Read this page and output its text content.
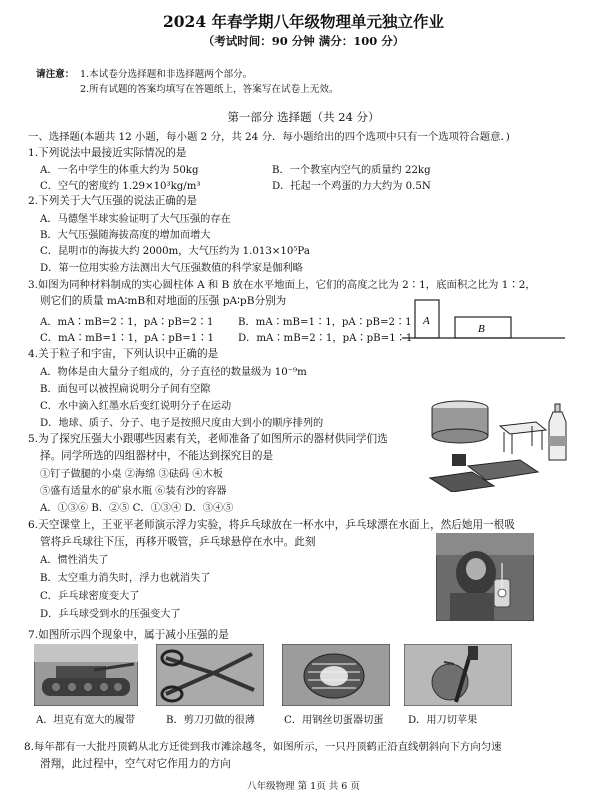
2024 年春学期八年级物理单元独立作业
（考试时间：90 分钟 满分：100 分）
请注意： 1.本试卷分选择题和非选择题两个部分。
2.所有试题的答案均填写在答题纸上，答案写在试卷上无效。
第一部分 选择题（共 24 分）
一、选择题(本题共 12 小题，每小题 2 分，共 24 分．每小题给出的四个选项中只有一个选项符合题意．)
1.下列说法中最接近实际情况的是
A．一名中学生的体重大约为 50kg	B．一个教室内空气的质量约 22kg
C．空气的密度约 1.29×10³kg/m³	D．托起一个鸡蛋的力大约为 0.5N
2.下列关于大气压强的说法正确的是
A．马德堡半球实验证明了大气压强的存在
B．大气压强随海拔高度的增加而增大
C．昆明市的海拔大约 2000m，大气压约为 1.013×10⁵Pa
D．第一位用实验方法测出大气压强数值的科学家是伽利略
3.如图为同种材料制成的实心圆柱体 A 和 B 放在水平地面上，它们的高度之比为 2∶1，底面积之比为 1∶2，
则它们的质量 mA∶mB和对地面的压强 pA∶pB分别为
A．mA∶mB=2∶1，pA∶pB=2∶1 B．mA∶mB=1∶1，pA∶pB=2∶1
C．mA∶mB=1∶1，pA∶pB=1∶1 D．mA∶mB=2∶1，pA∶pB=1∶1
A
B
4.关于粒子和宇宙，下列认识中正确的是
A．物体是由大量分子组成的，分子直径的数量级为 10⁻⁹m
B．面包可以被捏扁说明分子间有空隙
C．水中滴入红墨水后变红说明分子在运动
D．地球、质子、分子、电子是按照尺度由大到小的顺序排列的
5.为了探究压强大小跟哪些因素有关，老师准备了如图所示的器材供同学们选
择。同学所选的四组器材中，不能达到探究目的是
①钉子做腿的小桌 ②海绵 ③砝码 ④木板
⑤盛有适量水的矿泉水瓶 ⑥装有沙的容器
A．①③⑥ B．②⑤ C．①③④ D．③④⑤
6.天空课堂上，王亚平老师演示浮力实验，将乒乓球放在一杯水中，乒乓球漂在水面上，然后她用一根吸
管将乒乓球往下压，再移开吸管，乒乓球悬停在水中。此刻
A．惯性消失了
B．太空重力消失时，浮力也就消失了
C．乒乓球密度变大了
D．乒乓球受到水的压强变大了
7.如图所示四个现象中，属于减小压强的是
A．坦克有宽大的履带	B．剪刀刃做的很薄	C．用钢丝切蛋器切蛋 D．用刀切苹果
8.每年都有一大批丹顶鹤从北方迁徙到我市滩涂越冬，如图所示，一只丹顶鹤正沿直线朝斜向下方向匀速
滑翔，此过程中，空气对它作用力的方向
八年级物理 第 1页 共 6 页
